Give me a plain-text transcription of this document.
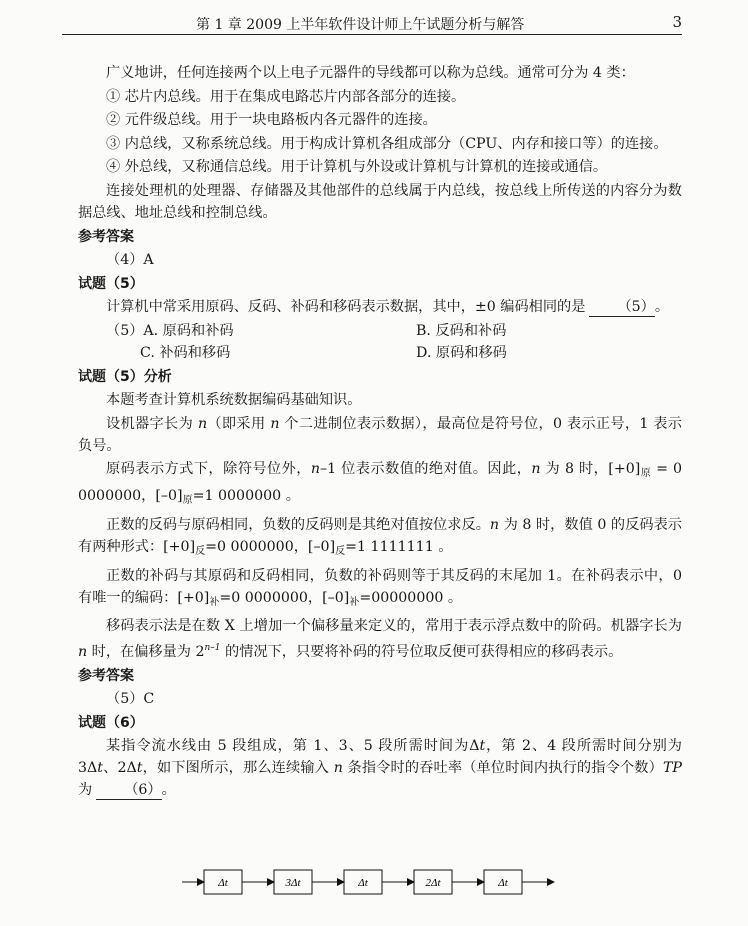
第 1 章 2009 上半年软件设计师上午试题分析与解答	3

广义地讲，任何连接两个以上电子元器件的导线都可以称为总线。通常可分为 4 类：

① 芯片内总线。用于在集成电路芯片内部各部分的连接。

② 元件级总线。用于一块电路板内各元器件的连接。

③ 内总线，又称系统总线。用于构成计算机各组成部分（CPU、内存和接口等）的连接。

④ 外总线，又称通信总线。用于计算机与外设或计算机与计算机的连接或通信。

连接处理机的处理器、存储器及其他部件的总线属于内总线，按总线上所传送的内容分为数据总线、地址总线和控制总线。

参考答案

（4）A

试题（5）

计算机中常采用原码、反码、补码和移码表示数据，其中，±0 编码相同的是 （5）。

（5）A. 原码和补码	B. 反码和补码
C. 补码和移码	D. 原码和移码
试题（5）分析

本题考查计算机系统数据编码基础知识。

设机器字长为 n（即采用 n 个二进制位表示数据），最高位是符号位，0 表示正号，1 表示负号。

原码表示方式下，除符号位外，n–1 位表示数值的绝对值。因此，n 为 8 时，$[+0]_原 = 0$ 0000000，$[-0]_原=1$ 0000000 。

正数的反码与原码相同，负数的反码则是其绝对值按位求反。n 为 8 时，数值 0 的反码表示有两种形式：$[+0]_反=0$ 0000000，$[-0]_反=1$ 1111111 。

正数的补码与其原码和反码相同，负数的补码则等于其反码的末尾加 1。在补码表示中，0 有唯一的编码：$[+0]_补=0$ 0000000，$[-0]_补=00000000$ 。

移码表示法是在数 X 上增加一个偏移量来定义的，常用于表示浮点数中的阶码。机器字长为 n 时，在偏移量为 2$^{n-1}$ 的情况下，只要将补码的符号位取反便可获得相应的移码表示。

参考答案

（5）C

试题（6）

某指令流水线由 5 段组成，第 1、3、5 段所需时间为Δt，第 2、4 段所需时间分别为 3Δt、2Δt，如下图所示，那么连续输入 n 条指令时的吞吐率（单位时间内执行的指令个数）TP 为 （6）。

Δt	3Δt	Δt	2Δt	Δt
